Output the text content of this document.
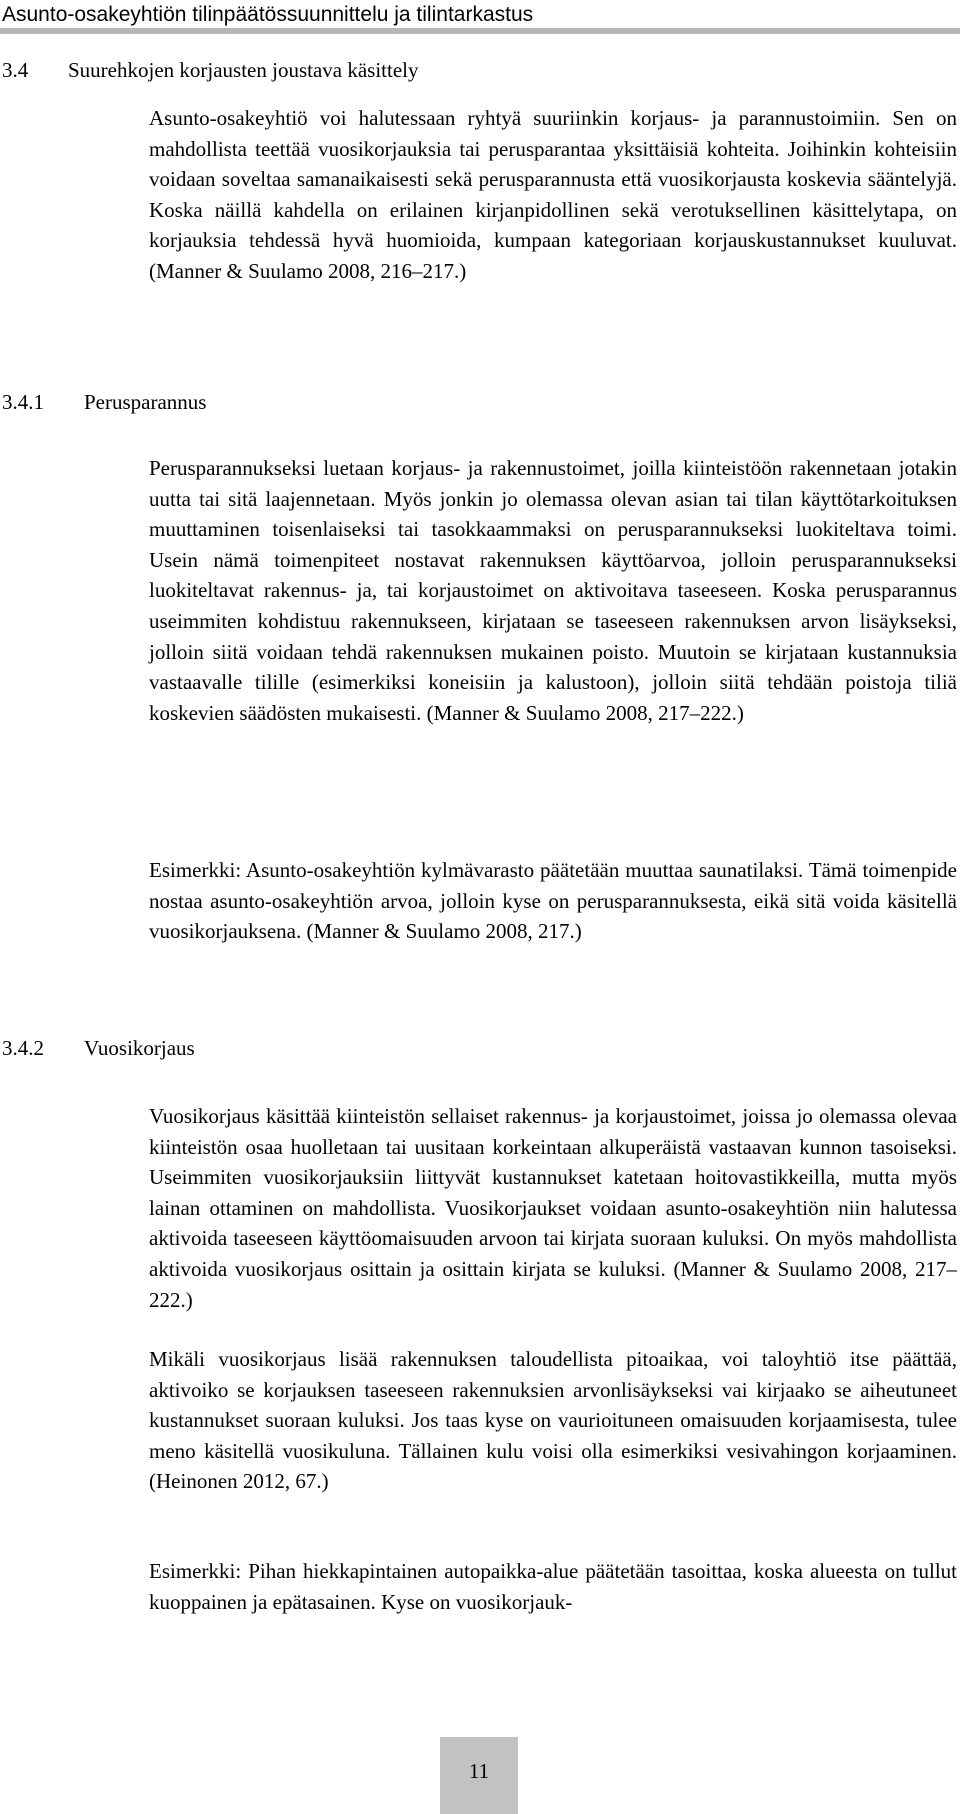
Asunto-osakeyhtiön tilinpäätössuunnittelu ja tilintarkastus
3.4 Suurehkojen korjausten joustava käsittely

Asunto-osakeyhtiö voi halutessaan ryhtyä suuriinkin korjaus- ja parannustoimiin. Sen on mahdollista teettää vuosikorjauksia tai perusparantaa yksittäisiä kohteita. Joihinkin kohteisiin voidaan soveltaa samanaikaisesti sekä perusparannusta että vuosikorjausta koskevia sääntelyjä. Koska näillä kahdella on erilainen kirjanpidollinen sekä verotuksellinen käsittelytapa, on korjauksia tehdessä hyvä huomioida, kumpaan kategoriaan korjauskustannukset kuuluvat. (Manner & Suulamo 2008, 216–217.)

3.4.1 Perusparannus

Perusparannukseksi luetaan korjaus- ja rakennustoimet, joilla kiinteistöön rakennetaan jotakin uutta tai sitä laajennetaan. Myös jonkin jo olemassa olevan asian tai tilan käyttötarkoituksen muuttaminen toisenlaiseksi tai tasokkaammaksi on perusparannukseksi luokiteltava toimi. Usein nämä toimenpiteet nostavat rakennuksen käyttöarvoa, jolloin perusparannukseksi luokiteltavat rakennus- ja, tai korjaustoimet on aktivoitava taseeseen. Koska perusparannus useimmiten kohdistuu rakennukseen, kirjataan se taseeseen rakennuksen arvon lisäykseksi, jolloin siitä voidaan tehdä rakennuksen mukainen poisto. Muutoin se kirjataan kustannuksia vastaavalle tilille (esimerkiksi koneisiin ja kalustoon), jolloin siitä tehdään poistoja tiliä koskevien säädösten mukaisesti. (Manner & Suulamo 2008, 217–222.)

Esimerkki: Asunto-osakeyhtiön kylmävarasto päätetään muuttaa saunatilaksi. Tämä toimenpide nostaa asunto-osakeyhtiön arvoa, jolloin kyse on perusparannuksesta, eikä sitä voida käsitellä vuosikorjauksena. (Manner & Suulamo 2008, 217.)

3.4.2 Vuosikorjaus

Vuosikorjaus käsittää kiinteistön sellaiset rakennus- ja korjaustoimet, joissa jo olemassa olevaa kiinteistön osaa huolletaan tai uusitaan korkeintaan alkuperäistä vastaavan kunnon tasoiseksi. Useimmiten vuosikorjauksiin liittyvät kustannukset katetaan hoitovastikkeilla, mutta myös lainan ottaminen on mahdollista. Vuosikorjaukset voidaan asunto-osakeyhtiön niin halutessa aktivoida taseeseen käyttöomaisuuden arvoon tai kirjata suoraan kuluksi. On myös mahdollista aktivoida vuosikorjaus osittain ja osittain kirjata se kuluksi. (Manner & Suulamo 2008, 217–222.)

Mikäli vuosikorjaus lisää rakennuksen taloudellista pitoaikaa, voi taloyhtiö itse päättää, aktivoiko se korjauksen taseeseen rakennuksien arvonlisäykseksi vai kirjaako se aiheutuneet kustannukset suoraan kuluksi. Jos taas kyse on vaurioituneen omaisuuden korjaamisesta, tulee meno käsitellä vuosikuluna. Tällainen kulu voisi olla esimerkiksi vesivahingon korjaaminen. (Heinonen 2012, 67.)

Esimerkki: Pihan hiekkapintainen autopaikka-alue päätetään tasoittaa, koska alueesta on tullut kuoppainen ja epätasainen. Kyse on vuosikorjauk-

11
